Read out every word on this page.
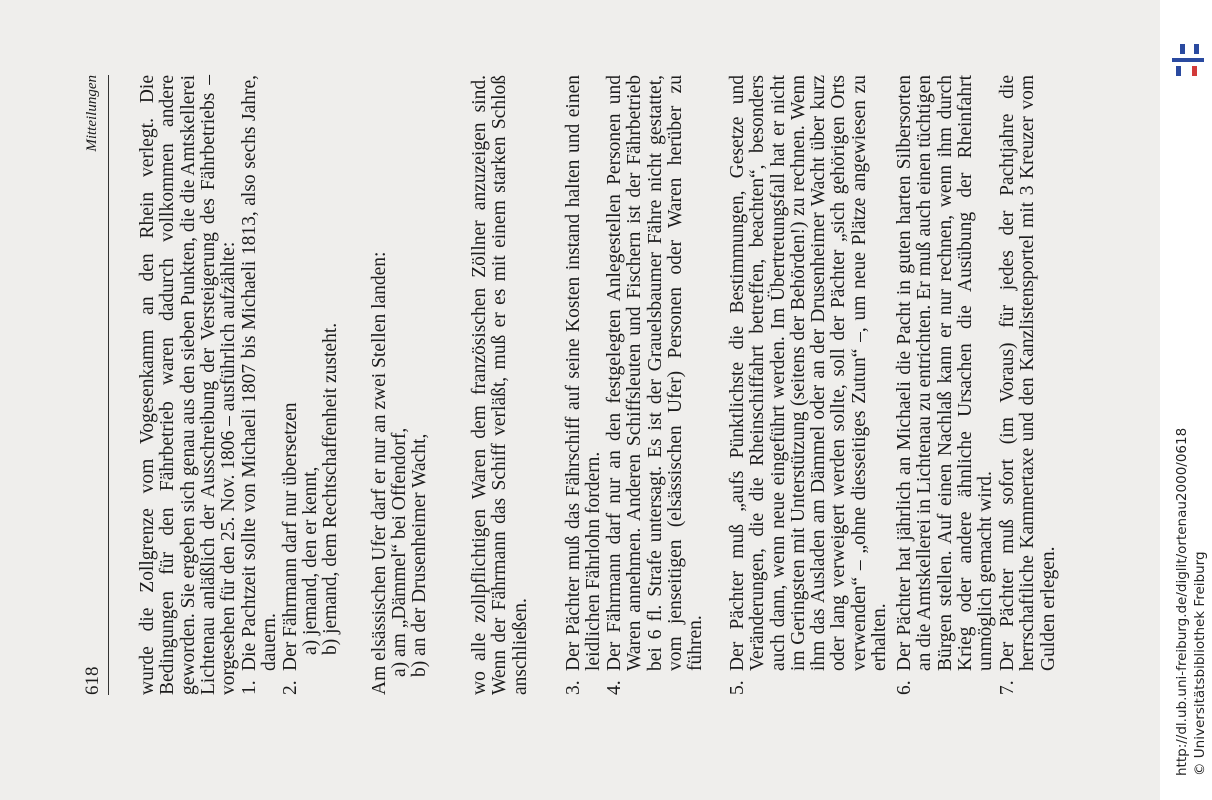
618
Mitteilungen wurde die Zollgrenze vom Vogesenkamm an den Rhein verlegt. Die Bedingungen für den Fährbetrieb waren dadurch vollkommen andere geworden. Sie ergeben sich genau aus den sieben Punkten, die die Amtskellerei Lichtenau anläßlich der Ausschreibung der Versteigerung des Fährbetriebs – vorgesehen für den 25. Nov. 1806 – ausführlich aufzählte: 1.
Die Pachtzeit sollte von Michaeli 1807 bis Michaeli 1813, also sechs Jahre, dauern.
2.
Der Fährmann darf nur übersetzen a) jemand, den er kennt, b) jemand, dem Rechtschaffenheit zusteht. Am elsässischen Ufer darf er nur an zwei Stellen landen: a) am „Dämmel“ bei Offendorf, b) an der Drusenheimer Wacht, wo alle zollpflichtigen Waren dem französischen Zöllner anzuzeigen sind. Wenn der Fährmann das Schiff verläßt, muß er es mit einem starken Schloß anschließen. 3.
Der Pächter muß das Fährschiff auf seine Kosten instand halten und einen leidlichen Fährlohn fordern.
4.
Der Fährmann darf nur an den festgelegten Anlegestellen Personen und Waren annehmen. Anderen Schiffsleuten und Fischern ist der Fährbetrieb bei 6 fl. Strafe untersagt. Es ist der Grauelsbaumer Fähre nicht gestattet, vom jenseitigen (elsässischen Ufer) Personen oder Waren herüber zu führen.
5.
Der Pächter muß „aufs Pünktlichste die Bestimmungen, Gesetze und Veränderungen, die die Rheinschiffahrt betreffen, beachten“, besonders auch dann, wenn neue eingeführt werden. Im Übertretungsfall hat er nicht im Geringsten mit Unterstützung (seitens der Behörden!) zu rechnen. Wenn ihm das Ausladen am Dämmel oder an der Drusenheimer Wacht über kurz oder lang verweigert werden sollte, soll der Pächter „sich gehörigen Orts verwenden“ – „ohne diesseitiges Zutun“ –, um neue Plätze angewiesen zu erhalten.
6.
Der Pächter hat jährlich an Michaeli die Pacht in guten harten Silbersorten an die Amtskellerei in Lichtenau zu entrichten. Er muß auch einen tüchtigen Bürgen stellen. Auf einen Nachlaß kann er nur rechnen, wenn ihm durch Krieg oder andere ähnliche Ursachen die Ausübung der Rheinfahrt unmöglich gemacht wird.
7.
Der Pächter muß sofort (im Voraus) für jedes der Pachtjahre die herrschaftliche Kammertaxe und den Kanzlistensportel mit 3 Kreuzer vom Gulden erlegen.	http://dl.ub.uni-freiburg.de/diglit/ortenau2000/0618 © Universitätsbibliothek Freiburg
